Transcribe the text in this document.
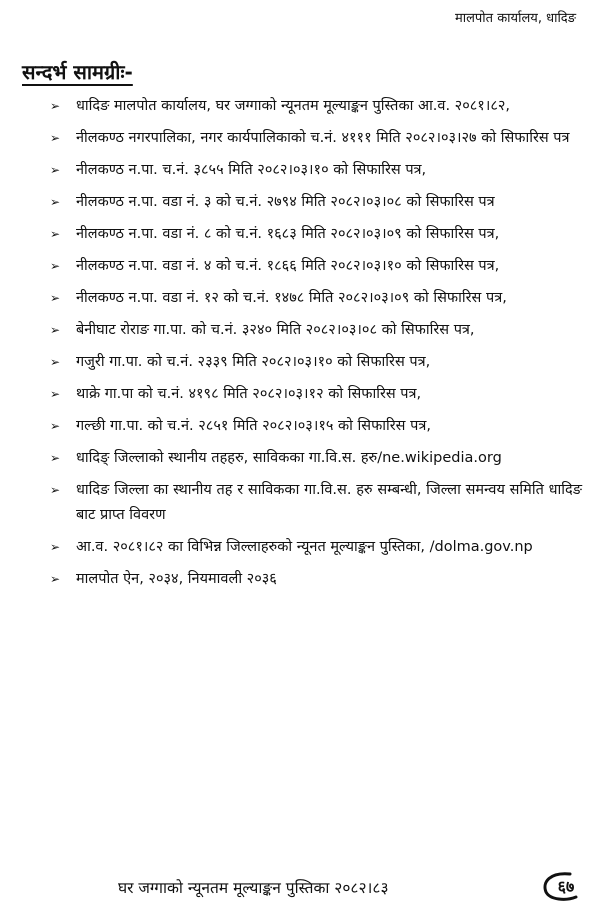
मालपोत कार्यालय, धादिङ
सन्दर्भ सामग्रीः-
➢ धादिङ मालपोत कार्यालय, घर जग्गाको न्यूनतम मूल्याङ्कन पुस्तिका आ.व. २०८१।८२,
➢ नीलकण्ठ नगरपालिका, नगर कार्यपालिकाको च.नं. ४१११ मिति २०८२।०३।२७ को सिफारिस पत्र
➢ नीलकण्ठ न.पा. च.नं. ३८५५ मिति २०८२।०३।१० को सिफारिस पत्र,
➢ नीलकण्ठ न.पा. वडा नं. ३ को च.नं. २७९४ मिति २०८२।०३।०८ को सिफारिस पत्र
➢ नीलकण्ठ न.पा. वडा नं. ८ को च.नं. १६८३ मिति २०८२।०३।०९ को सिफारिस पत्र,
➢ नीलकण्ठ न.पा. वडा नं. ४ को च.नं. १८६६ मिति २०८२।०३।१० को सिफारिस पत्र,
➢ नीलकण्ठ न.पा. वडा नं. १२ को च.नं. १४७८ मिति २०८२।०३।०९ को सिफारिस पत्र,
➢ बेनीघाट रोराङ गा.पा. को च.नं. ३२४० मिति २०८२।०३।०८ को सिफारिस पत्र,
➢ गजुरी गा.पा. को च.नं. २३३९ मिति २०८२।०३।१० को सिफारिस पत्र,
➢ थाक्रे गा.पा को च.नं. ४१९८ मिति २०८२।०३।१२ को सिफारिस पत्र,
➢ गल्छी गा.पा. को च.नं. २८५१ मिति २०८२।०३।१५ को सिफारिस पत्र,
➢ धादिङ् जिल्लाको स्थानीय तहहरु, साविकका गा.वि.स. हरु/ne.wikipedia.org
➢ धादिङ जिल्ला का स्थानीय तह र साविकका गा.वि.स. हरु सम्बन्धी, जिल्ला समन्वय समिति धादिङ बाट प्राप्त विवरण
➢ आ.व. २०८१।८२ का विभिन्न जिल्लाहरुको न्यूनत मूल्याङ्कन पुस्तिका, /dolma.gov.np
➢ मालपोत ऐन, २०३४, नियमावली २०३६
घर जग्गाको न्यूनतम मूल्याङ्कन पुस्तिका २०८२।८३	६७
